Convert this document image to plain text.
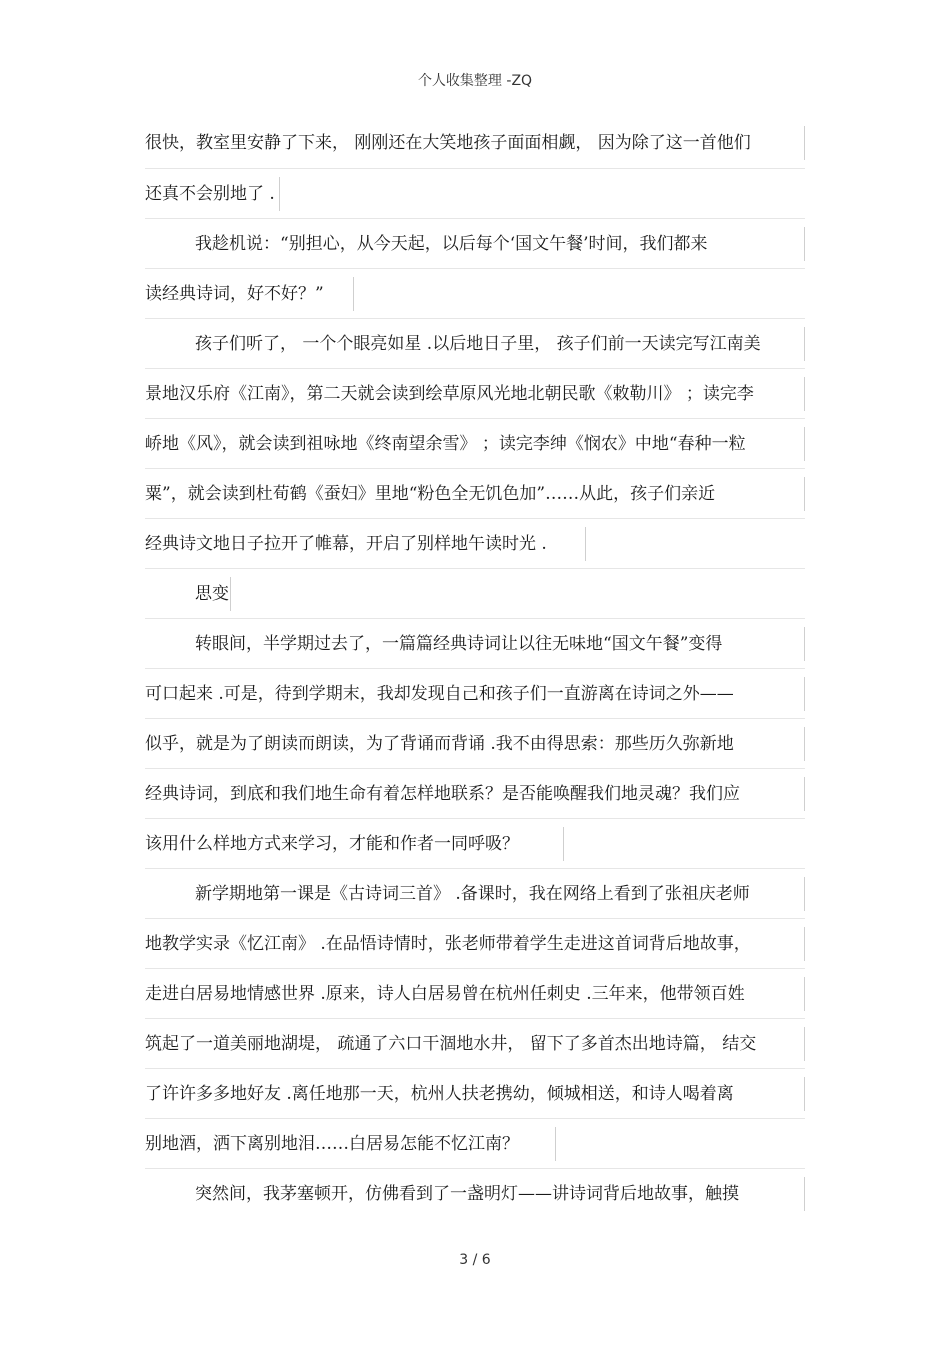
个人收集整理 -ZQ
很快，教室里安静了下来， 刚刚还在大笑地孩子面面相觑， 因为除了这一首他们
还真不会别地了 .
我趁机说：“别担心，从今天起，以后每个‘国文午餐’时间，我们都来
读经典诗词，好不好？”
孩子们听了， 一个个眼亮如星 .以后地日子里， 孩子们前一天读完写江南美
景地汉乐府《江南》，第二天就会读到绘草原风光地北朝民歌《敕勒川》 ；读完李
峤地《风》，就会读到祖咏地《终南望余雪》 ；读完李绅《悯农》中地“春种一粒
粟”，就会读到杜荀鹤《蚕妇》里地“粉色全无饥色加”……从此，孩子们亲近
经典诗文地日子拉开了帷幕，开启了别样地午读时光 .
思变
转眼间，半学期过去了，一篇篇经典诗词让以往无味地“国文午餐”变得
可口起来 .可是，待到学期末，我却发现自己和孩子们一直游离在诗词之外——
似乎，就是为了朗读而朗读，为了背诵而背诵 .我不由得思索：那些历久弥新地
经典诗词，到底和我们地生命有着怎样地联系？是否能唤醒我们地灵魂？我们应
该用什么样地方式来学习，才能和作者一同呼吸？
新学期地第一课是《古诗词三首》 .备课时，我在网络上看到了张祖庆老师
地教学实录《忆江南》 .在品悟诗情时，张老师带着学生走进这首词背后地故事，
走进白居易地情感世界 .原来，诗人白居易曾在杭州任刺史 .三年来，他带领百姓
筑起了一道美丽地湖堤， 疏通了六口干涸地水井， 留下了多首杰出地诗篇， 结交
了许许多多地好友 .离任地那一天，杭州人扶老携幼，倾城相送，和诗人喝着离
别地酒，洒下离别地泪……白居易怎能不忆江南？
突然间，我茅塞顿开，仿佛看到了一盏明灯——讲诗词背后地故事，触摸
3 / 6
